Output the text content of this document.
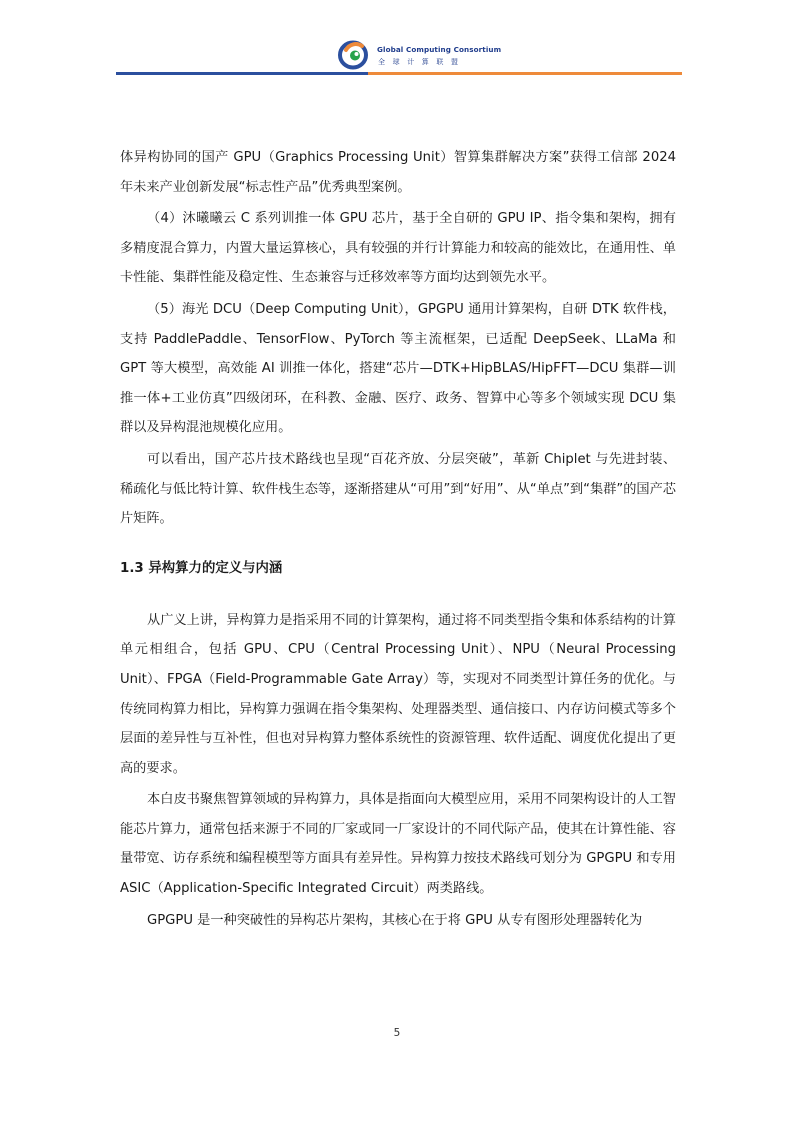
Global Computing Consortium
全球计算联盟

体异构协同的国产 GPU（Graphics Processing Unit）智算集群解决方案”获得工信部 2024 年未来产业创新发展“标志性产品”优秀典型案例。

（4）沐曦曦云 C 系列训推一体 GPU 芯片，基于全自研的 GPU IP、指令集和架构，拥有多精度混合算力，内置大量运算核心，具有较强的并行计算能力和较高的能效比，在通用性、单卡性能、集群性能及稳定性、生态兼容与迁移效率等方面均达到领先水平。

（5）海光 DCU（Deep Computing Unit），GPGPU 通用计算架构，自研 DTK 软件栈，支持 PaddlePaddle、TensorFlow、PyTorch 等主流框架，已适配 DeepSeek、LLaMa 和 GPT 等大模型，高效能 AI 训推一体化，搭建“芯片—DTK+HipBLAS/HipFFT—DCU 集群—训推一体+工业仿真”四级闭环，在科教、金融、医疗、政务、智算中心等多个领域实现 DCU 集群以及异构混池规模化应用。

可以看出，国产芯片技术路线也呈现“百花齐放、分层突破”，革新 Chiplet 与先进封装、稀疏化与低比特计算、软件栈生态等，逐渐搭建从“可用”到“好用”、从“单点”到“集群”的国产芯片矩阵。

1.3 异构算力的定义与内涵

从广义上讲，异构算力是指采用不同的计算架构，通过将不同类型指令集和体系结构的计算单元相组合，包括 GPU、CPU（Central Processing Unit）、NPU（Neural Processing Unit）、FPGA（Field-Programmable Gate Array）等，实现对不同类型计算任务的优化。与传统同构算力相比，异构算力强调在指令集架构、处理器类型、通信接口、内存访问模式等多个层面的差异性与互补性，但也对异构算力整体系统性的资源管理、软件适配、调度优化提出了更高的要求。

本白皮书聚焦智算领域的异构算力，具体是指面向大模型应用，采用不同架构设计的人工智能芯片算力，通常包括来源于不同的厂家或同一厂家设计的不同代际产品，使其在计算性能、容量带宽、访存系统和编程模型等方面具有差异性。异构算力按技术路线可划分为 GPGPU 和专用 ASIC（Application-Specific Integrated Circuit）两类路线。

GPGPU 是一种突破性的异构芯片架构，其核心在于将 GPU 从专有图形处理器转化为

5
